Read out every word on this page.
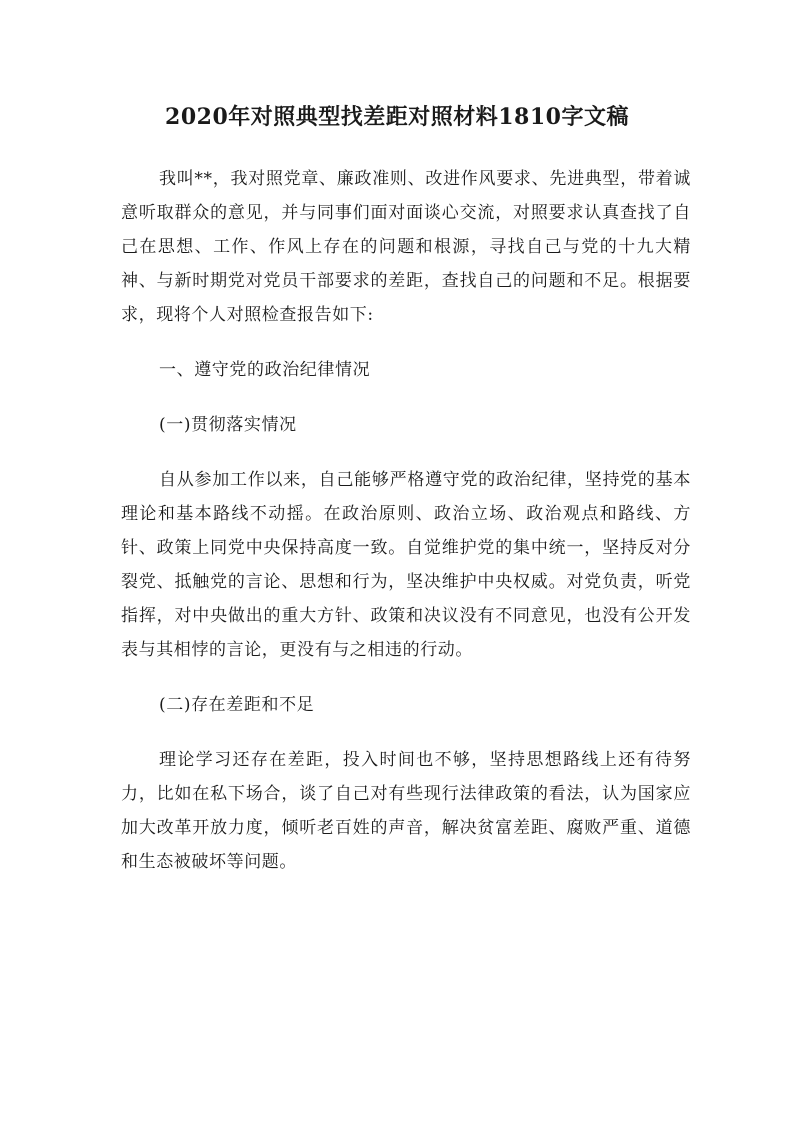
2020年对照典型找差距对照材料1810字文稿

我叫**，我对照党章、廉政准则、改进作风要求、先进典型，带着诚意听取群众的意见，并与同事们面对面谈心交流，对照要求认真查找了自己在思想、工作、作风上存在的问题和根源，寻找自己与党的十九大精神、与新时期党对党员干部要求的差距，查找自己的问题和不足。根据要求，现将个人对照检查报告如下:

一、遵守党的政治纪律情况

(一)贯彻落实情况

自从参加工作以来，自己能够严格遵守党的政治纪律，坚持党的基本理论和基本路线不动摇。在政治原则、政治立场、政治观点和路线、方针、政策上同党中央保持高度一致。自觉维护党的集中统一，坚持反对分裂党、抵触党的言论、思想和行为，坚决维护中央权威。对党负责，听党指挥，对中央做出的重大方针、政策和决议没有不同意见，也没有公开发表与其相悖的言论，更没有与之相违的行动。

(二)存在差距和不足

理论学习还存在差距，投入时间也不够，坚持思想路线上还有待努力，比如在私下场合，谈了自己对有些现行法律政策的看法，认为国家应加大改革开放力度，倾听老百姓的声音，解决贫富差距、腐败严重、道德和生态被破坏等问题。
